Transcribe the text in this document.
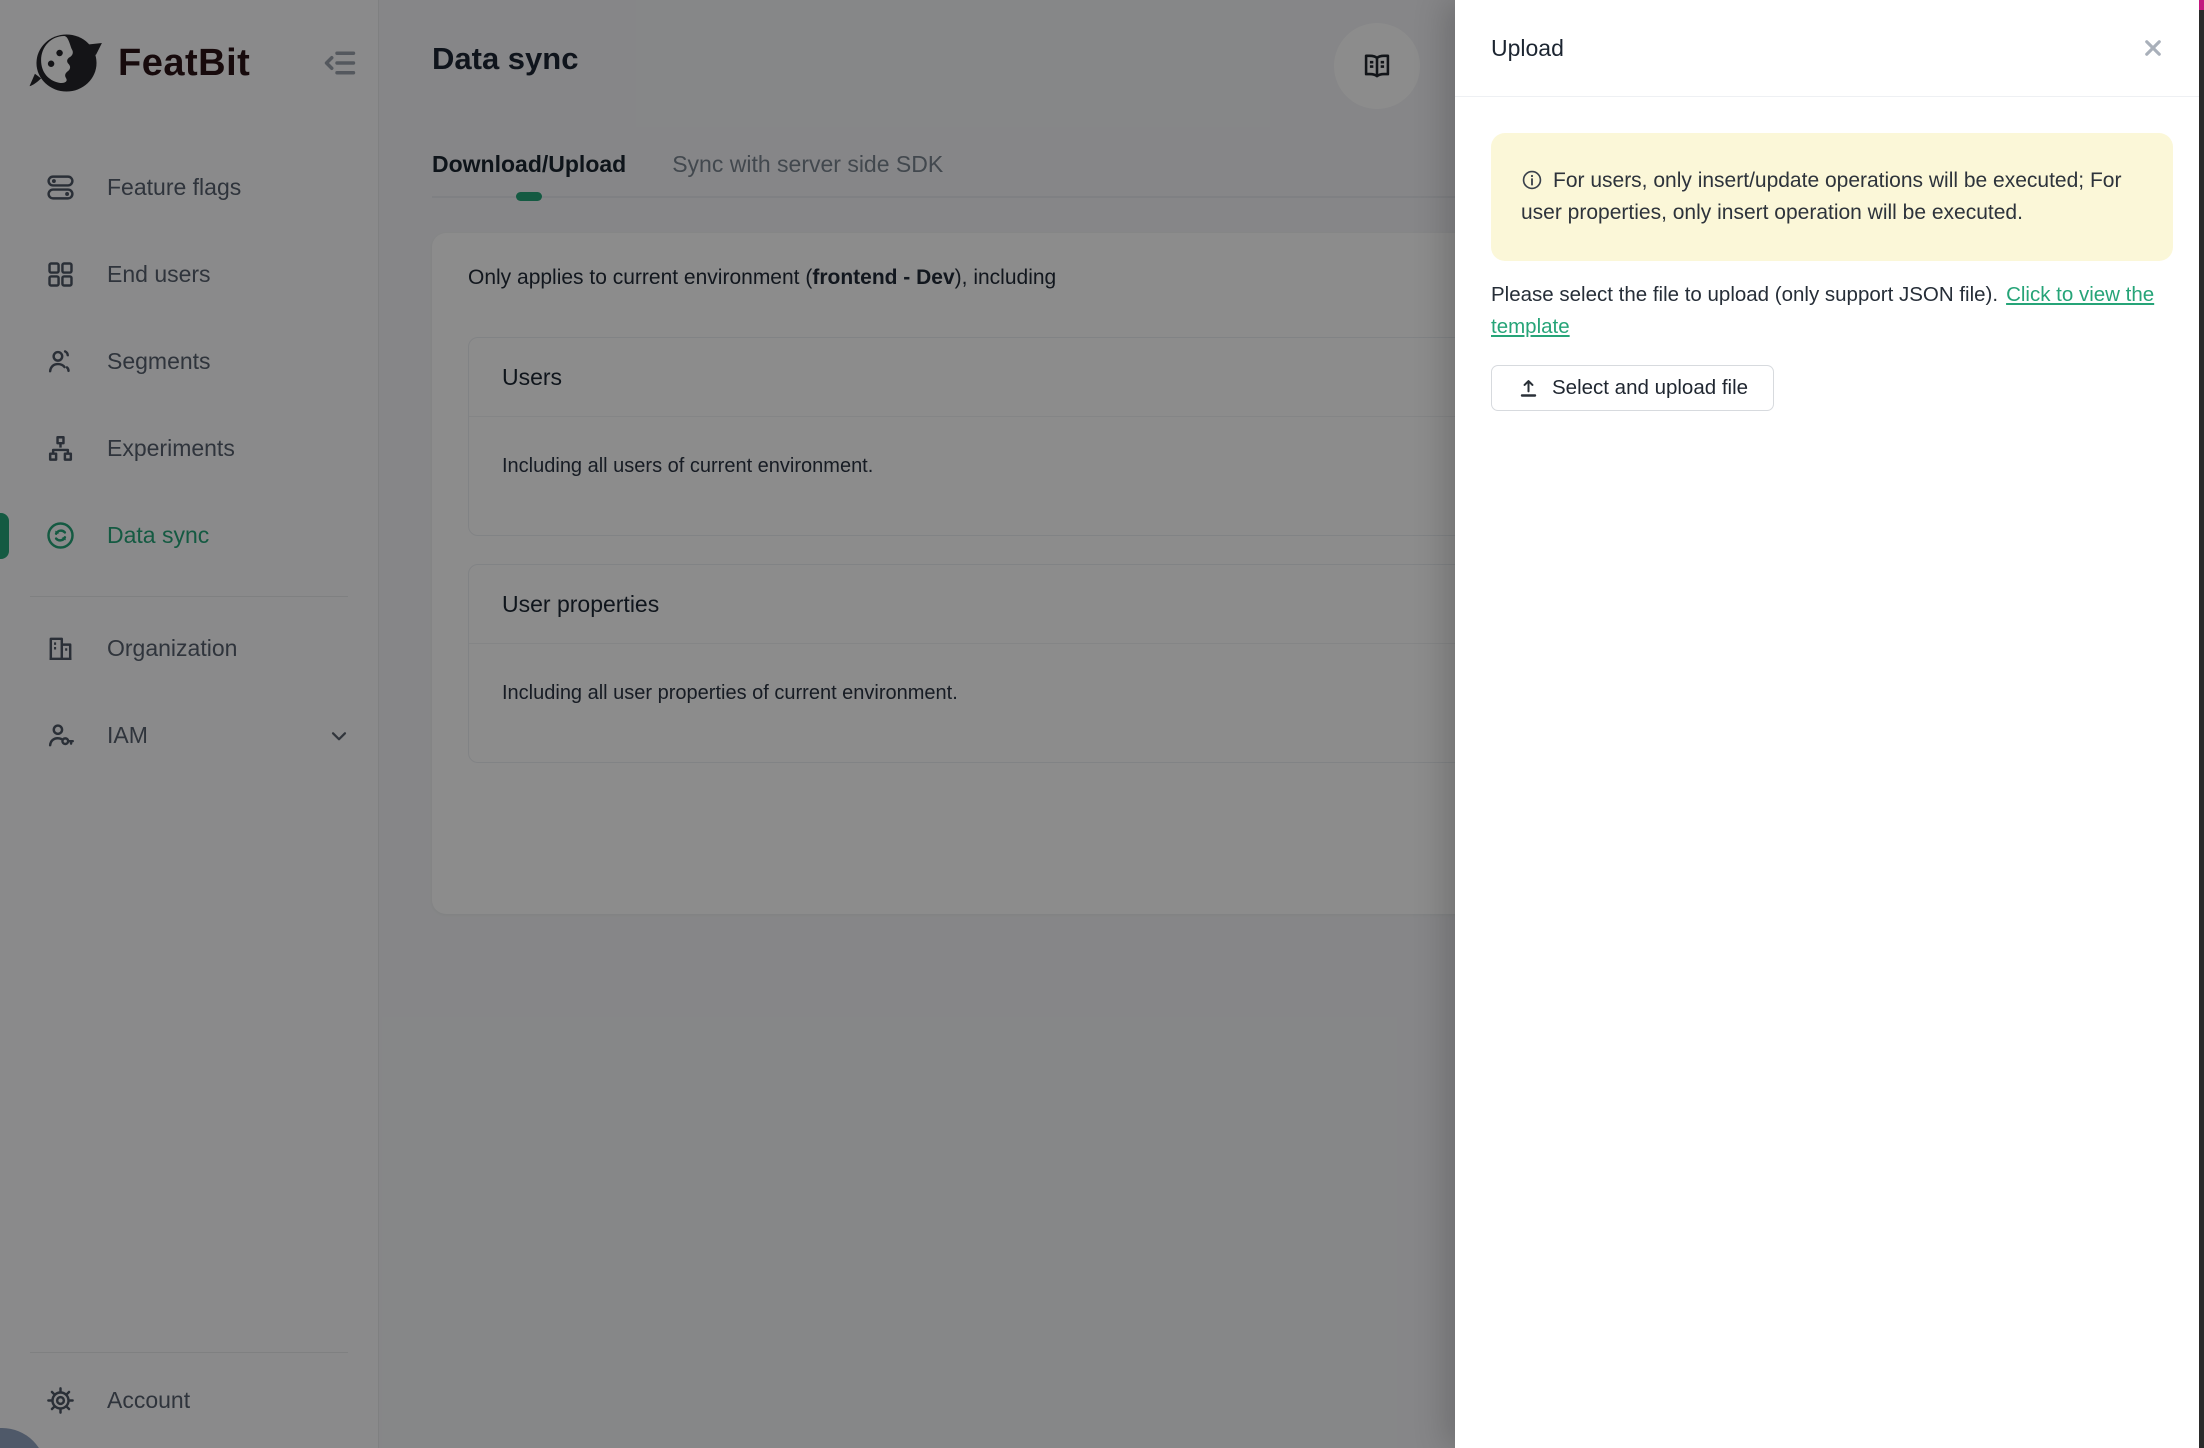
FeatBit
Feature flags
End users
Segments
Experiments
Data sync
Organization
IAM
Account
Data sync
Download/Upload Sync with server side SDK

Only applies to current environment (frontend - Dev), including

Users
Including all users of current environment.
User properties
Including all user properties of current environment.
Upload
For users, only insert/update operations will be executed; For user properties, only insert operation will be executed.

Please select the file to upload (only support JSON file). Click to view the template

Select and upload file
